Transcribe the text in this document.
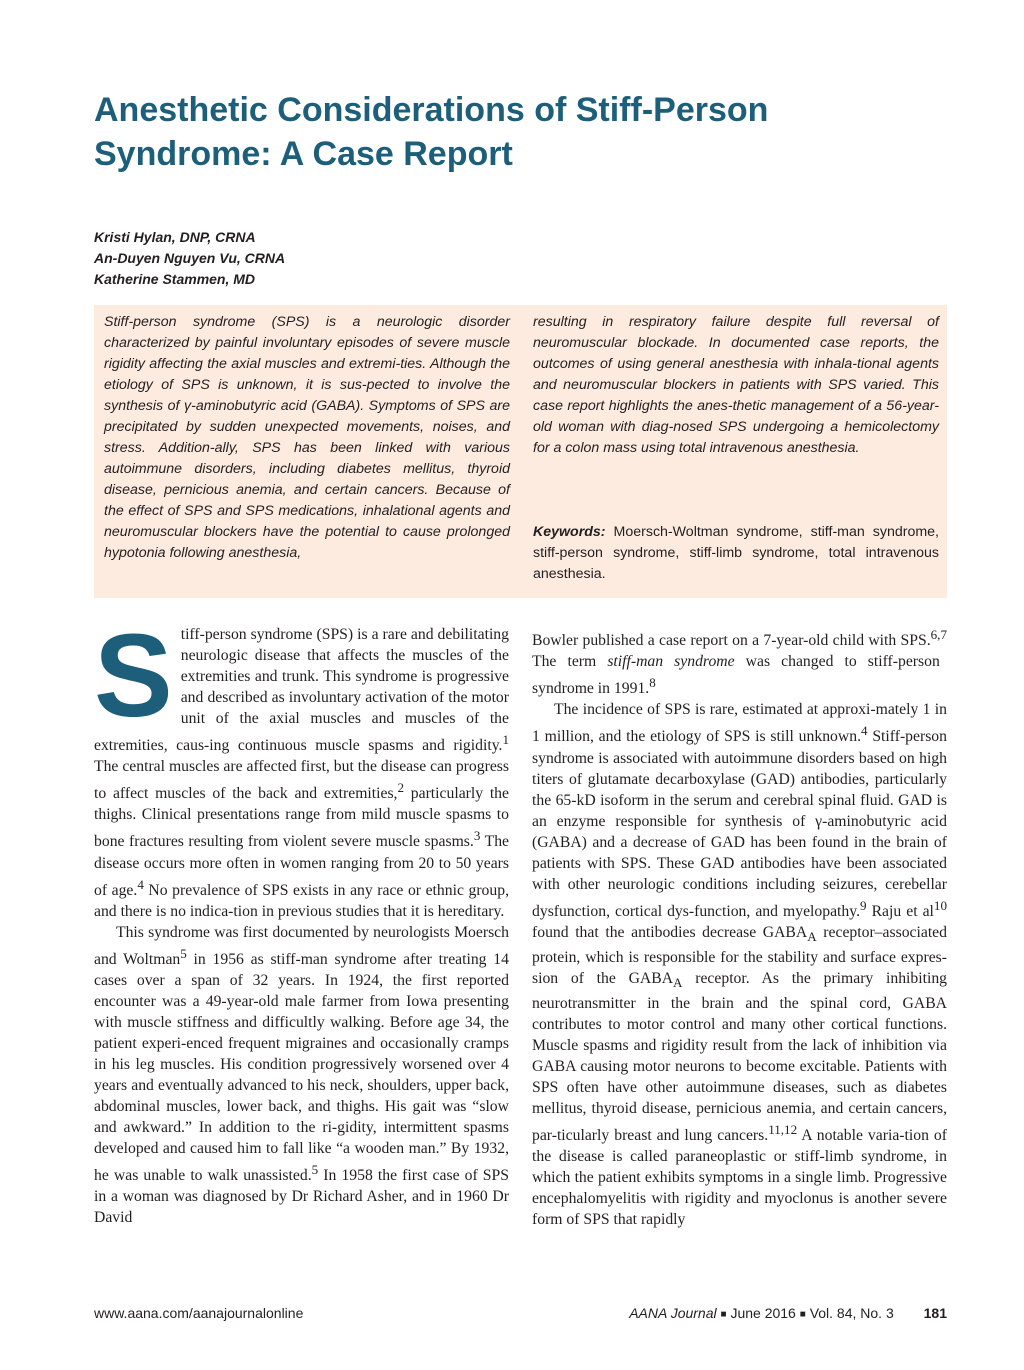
Anesthetic Considerations of Stiff-Person
Syndrome: A Case Report
Kristi Hylan, DNP, CRNA
An-Duyen Nguyen Vu, CRNA
Katherine Stammen, MD
Stiff-person syndrome (SPS) is a neurologic disorder characterized by painful involuntary episodes of severe muscle rigidity affecting the axial muscles and extremi-ties. Although the etiology of SPS is unknown, it is sus-pected to involve the synthesis of γ-aminobutyric acid (GABA). Symptoms of SPS are precipitated by sudden unexpected movements, noises, and stress. Addition-ally, SPS has been linked with various autoimmune disorders, including diabetes mellitus, thyroid disease, pernicious anemia, and certain cancers. Because of the effect of SPS and SPS medications, inhalational agents and neuromuscular blockers have the potential to cause prolonged hypotonia following anesthesia,
resulting in respiratory failure despite full reversal of neuromuscular blockade. In documented case reports, the outcomes of using general anesthesia with inhala-tional agents and neuromuscular blockers in patients with SPS varied. This case report highlights the anes-thetic management of a 56-year-old woman with diag-nosed SPS undergoing a hemicolectomy for a colon mass using total intravenous anesthesia.
Keywords: Moersch-Woltman syndrome, stiff-man syndrome, stiff-person syndrome, stiff-limb syndrome, total intravenous anesthesia.

Stiff-person syndrome (SPS) is a rare and debilitating neurologic disease that affects the muscles of the extremities and trunk. This syndrome is progressive and described as involuntary activation of the motor unit of the axial muscles and muscles of the extremities, caus-ing continuous muscle spasms and rigidity.$^1$ The central muscles are affected first, but the disease can progress to affect muscles of the back and extremities,$^2$ particularly the thighs. Clinical presentations range from mild muscle spasms to bone fractures resulting from violent severe muscle spasms.$^3$ The disease occurs more often in women ranging from 20 to 50 years of age.$^4$ No prevalence of SPS exists in any race or ethnic group, and there is no indica-tion in previous studies that it is hereditary.

This syndrome was first documented by neurologists Moersch and Woltman$^5$ in 1956 as stiff-man syndrome after treating 14 cases over a span of 32 years. In 1924, the first reported encounter was a 49-year-old male farmer from Iowa presenting with muscle stiffness and difficultly walking. Before age 34, the patient experi-enced frequent migraines and occasionally cramps in his leg muscles. His condition progressively worsened over 4 years and eventually advanced to his neck, shoulders, upper back, abdominal muscles, lower back, and thighs. His gait was “slow and awkward.” In addition to the ri-gidity, intermittent spasms developed and caused him to fall like “a wooden man.” By 1932, he was unable to walk unassisted.$^5$ In 1958 the first case of SPS in a woman was diagnosed by Dr Richard Asher, and in 1960 Dr David

Bowler published a case report on a 7-year-old child with SPS.$^{6,7}$ The term stiff-man syndrome was changed to stiff-person syndrome in 1991.$^8$

The incidence of SPS is rare, estimated at approxi-mately 1 in 1 million, and the etiology of SPS is still unknown.$^4$ Stiff-person syndrome is associated with autoimmune disorders based on high titers of glutamate decarboxylase (GAD) antibodies, particularly the 65-kD isoform in the serum and cerebral spinal fluid. GAD is an enzyme responsible for synthesis of γ-aminobutyric acid (GABA) and a decrease of GAD has been found in the brain of patients with SPS. These GAD antibodies have been associated with other neurologic conditions including seizures, cerebellar dysfunction, cortical dys-function, and myelopathy.$^9$ Raju et $al^{10}$ found that the antibodies decrease $GABA_A$ receptor–associated protein, which is responsible for the stability and surface expres-sion of the $GABA_A$ receptor. As the primary inhibiting neurotransmitter in the brain and the spinal cord, GABA contributes to motor control and many other cortical functions. Muscle spasms and rigidity result from the lack of inhibition via GABA causing motor neurons to become excitable. Patients with SPS often have other autoimmune diseases, such as diabetes mellitus, thyroid disease, pernicious anemia, and certain cancers, par-ticularly breast and lung cancers.$^{11,12}$ A notable varia-tion of the disease is called paraneoplastic or stiff-limb syndrome, in which the patient exhibits symptoms in a single limb. Progressive encephalomyelitis with rigidity and myoclonus is another severe form of SPS that rapidly

www.aana.com/aanajournalonline	AANA Journal ■ June 2016 ■ Vol. 84, No. 3 181
